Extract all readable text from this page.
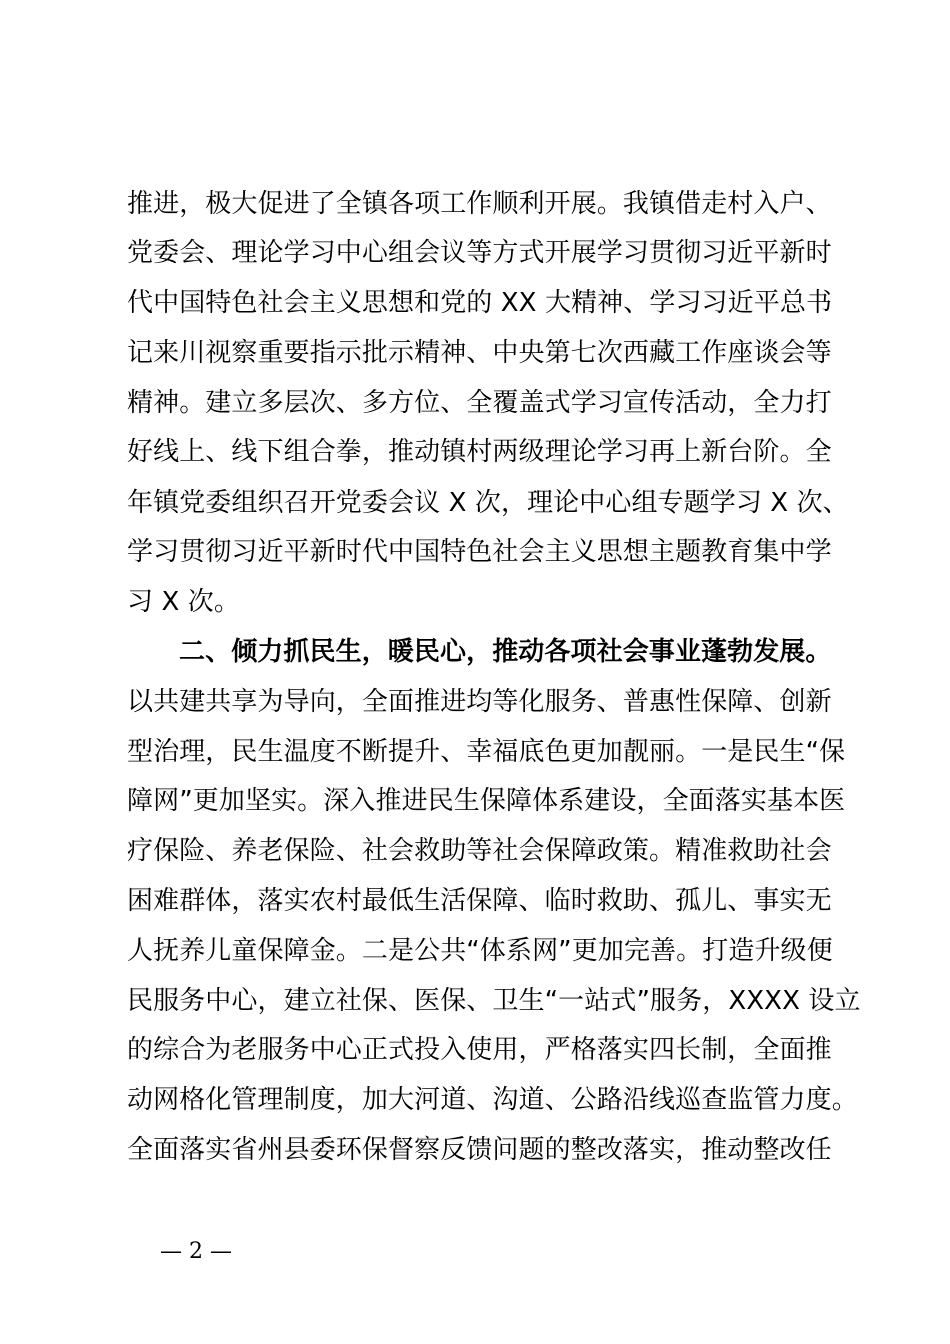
推进，极大促进了全镇各项工作顺利开展。我镇借走村入户、
党委会、理论学习中心组会议等方式开展学习贯彻习近平新时
代中国特色社会主义思想和党的 XX 大精神、学习习近平总书
记来川视察重要指示批示精神、中央第七次西藏工作座谈会等
精神。建立多层次、多方位、全覆盖式学习宣传活动，全力打
好线上、线下组合拳，推动镇村两级理论学习再上新台阶。全
年镇党委组织召开党委会议 X 次，理论中心组专题学习 X 次、
学习贯彻习近平新时代中国特色社会主义思想主题教育集中学
习 X 次。
二、倾力抓民生，暖民心，推动各项社会事业蓬勃发展。
以共建共享为导向，全面推进均等化服务、普惠性保障、创新
型治理，民生温度不断提升、幸福底色更加靓丽。一是民生“保
障网”更加坚实。深入推进民生保障体系建设，全面落实基本医
疗保险、养老保险、社会救助等社会保障政策。精准救助社会
困难群体，落实农村最低生活保障、临时救助、孤儿、事实无
人抚养儿童保障金。二是公共“体系网”更加完善。打造升级便
民服务中心，建立社保、医保、卫生“一站式”服务，XXXX 设立
的综合为老服务中心正式投入使用，严格落实四长制，全面推
动网格化管理制度，加大河道、沟道、公路沿线巡查监管力度。
全面落实省州县委环保督察反馈问题的整改落实，推动整改任
— 2 —
